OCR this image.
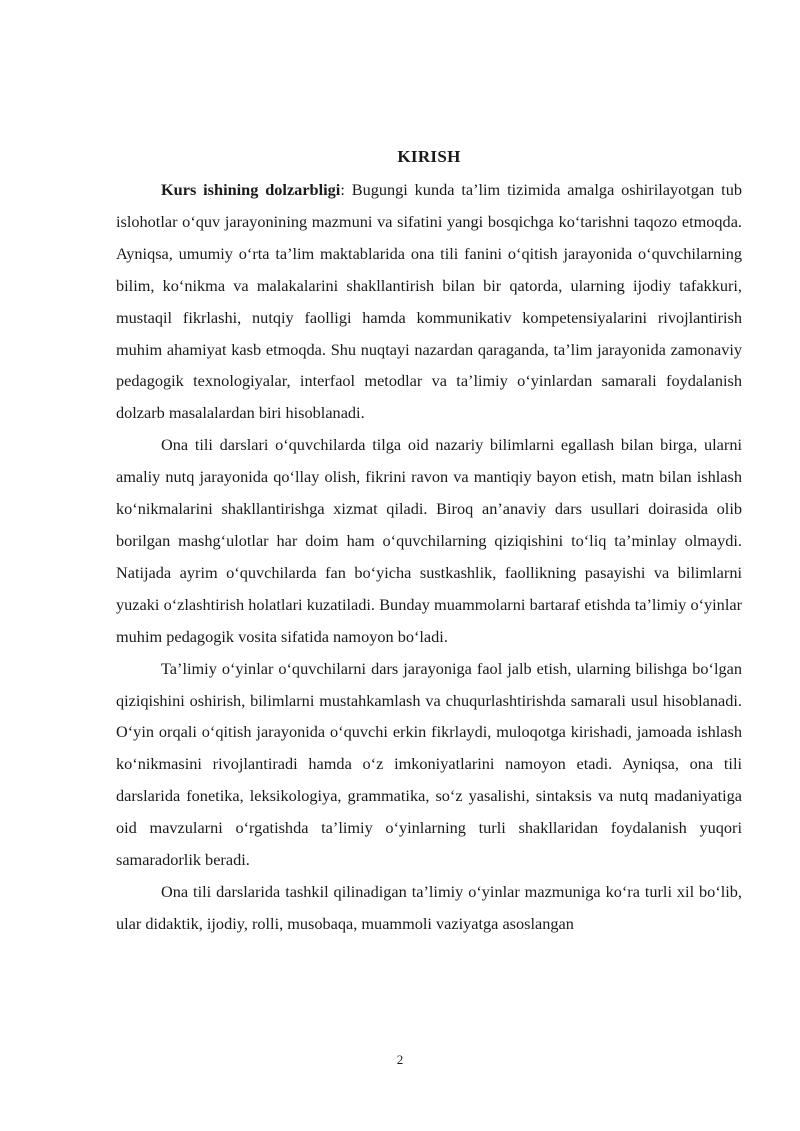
KIRISH

Kurs ishining dolzarbligi: Bugungi kunda ta’lim tizimida amalga oshirilayotgan tub islohotlar o‘quv jarayonining mazmuni va sifatini yangi bosqichga ko‘tarishni taqozo etmoqda. Ayniqsa, umumiy o‘rta ta’lim maktablarida ona tili fanini o‘qitish jarayonida o‘quvchilarning bilim, ko‘nikma va malakalarini shakllantirish bilan bir qatorda, ularning ijodiy tafakkuri, mustaqil fikrlashi, nutqiy faolligi hamda kommunikativ kompetensiyalarini rivojlantirish muhim ahamiyat kasb etmoqda. Shu nuqtayi nazardan qaraganda, ta’lim jarayonida zamonaviy pedagogik texnologiyalar, interfaol metodlar va ta’limiy o‘yinlardan samarali foydalanish dolzarb masalalardan biri hisoblanadi.

Ona tili darslari o‘quvchilarda tilga oid nazariy bilimlarni egallash bilan birga, ularni amaliy nutq jarayonida qo‘llay olish, fikrini ravon va mantiqiy bayon etish, matn bilan ishlash ko‘nikmalarini shakllantirishga xizmat qiladi. Biroq an’anaviy dars usullari doirasida olib borilgan mashg‘ulotlar har doim ham o‘quvchilarning qiziqishini to‘liq ta’minlay olmaydi. Natijada ayrim o‘quvchilarda fan bo‘yicha sustkashlik, faollikning pasayishi va bilimlarni yuzaki o‘zlashtirish holatlari kuzatiladi. Bunday muammolarni bartaraf etishda ta’limiy o‘yinlar muhim pedagogik vosita sifatida namoyon bo‘ladi.

Ta’limiy o‘yinlar o‘quvchilarni dars jarayoniga faol jalb etish, ularning bilishga bo‘lgan qiziqishini oshirish, bilimlarni mustahkamlash va chuqurlashtirishda samarali usul hisoblanadi. O‘yin orqali o‘qitish jarayonida o‘quvchi erkin fikrlaydi, muloqotga kirishadi, jamoada ishlash ko‘nikmasini rivojlantiradi hamda o‘z imkoniyatlarini namoyon etadi. Ayniqsa, ona tili darslarida fonetika, leksikologiya, grammatika, so‘z yasalishi, sintaksis va nutq madaniyatiga oid mavzularni o‘rgatishda ta’limiy o‘yinlarning turli shakllaridan foydalanish yuqori samaradorlik beradi.

Ona tili darslarida tashkil qilinadigan ta’limiy o‘yinlar mazmuniga ko‘ra turli xil bo‘lib, ular didaktik, ijodiy, rolli, musobaqa, muammoli vaziyatga asoslangan

2
